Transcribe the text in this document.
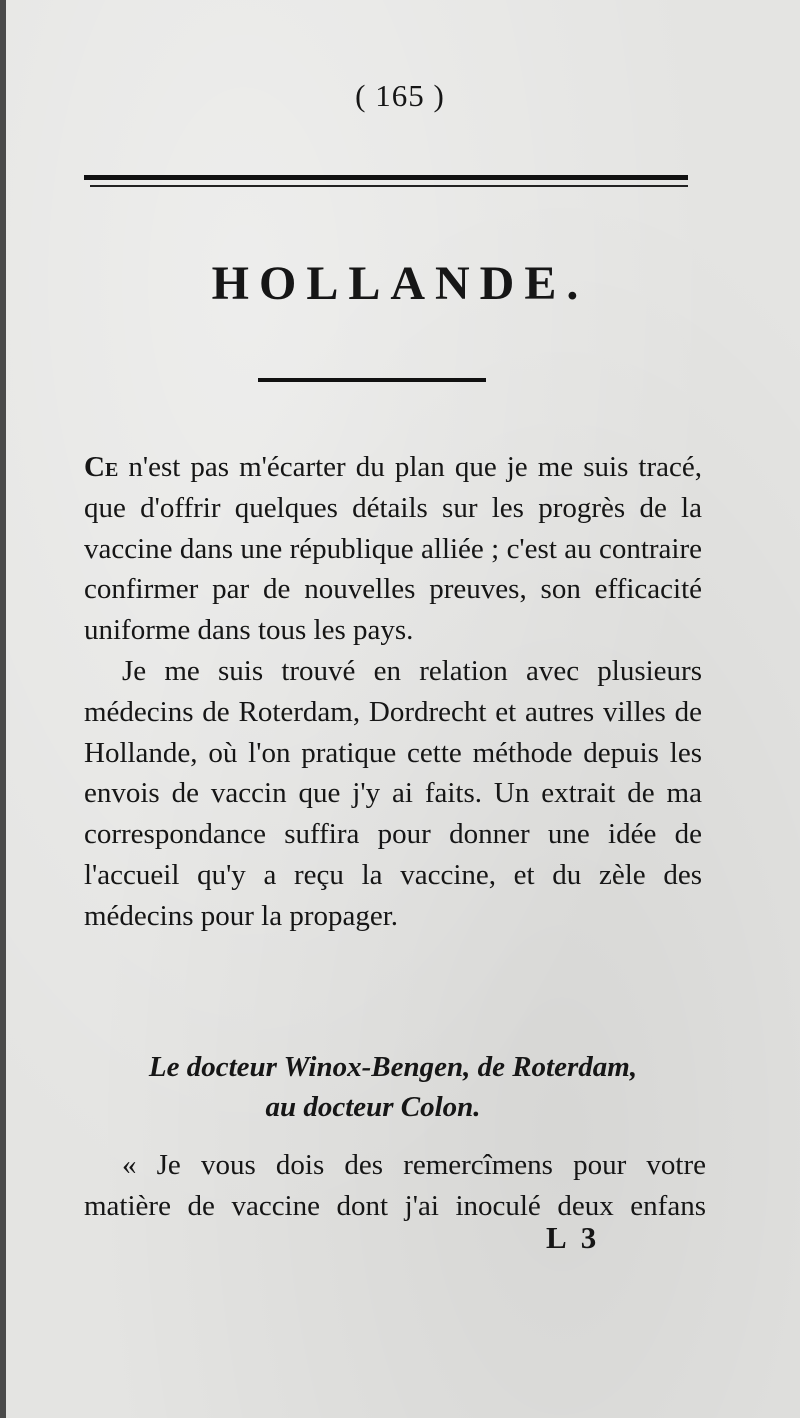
( 165 )
HOLLANDE.

Ce n'est pas m'écarter du plan que je me suis tracé, que d'offrir quelques détails sur les progrès de la vaccine dans une république alliée ; c'est au contraire confirmer par de nouvelles preuves, son efficacité uniforme dans tous les pays.

Je me suis trouvé en relation avec plusieurs médecins de Roterdam, Dordrecht et autres villes de Hollande, où l'on pratique cette méthode depuis les envois de vaccin que j'y ai faits. Un extrait de ma correspondance suffira pour donner une idée de l'accueil qu'y a reçu la vaccine, et du zèle des médecins pour la propager.

Le docteur Winox-Bengen, de Roterdam,
au docteur Colon.
« Je vous dois des remercîmens pour votre matière de vaccine dont j'ai inoculé deux enfans
L 3
